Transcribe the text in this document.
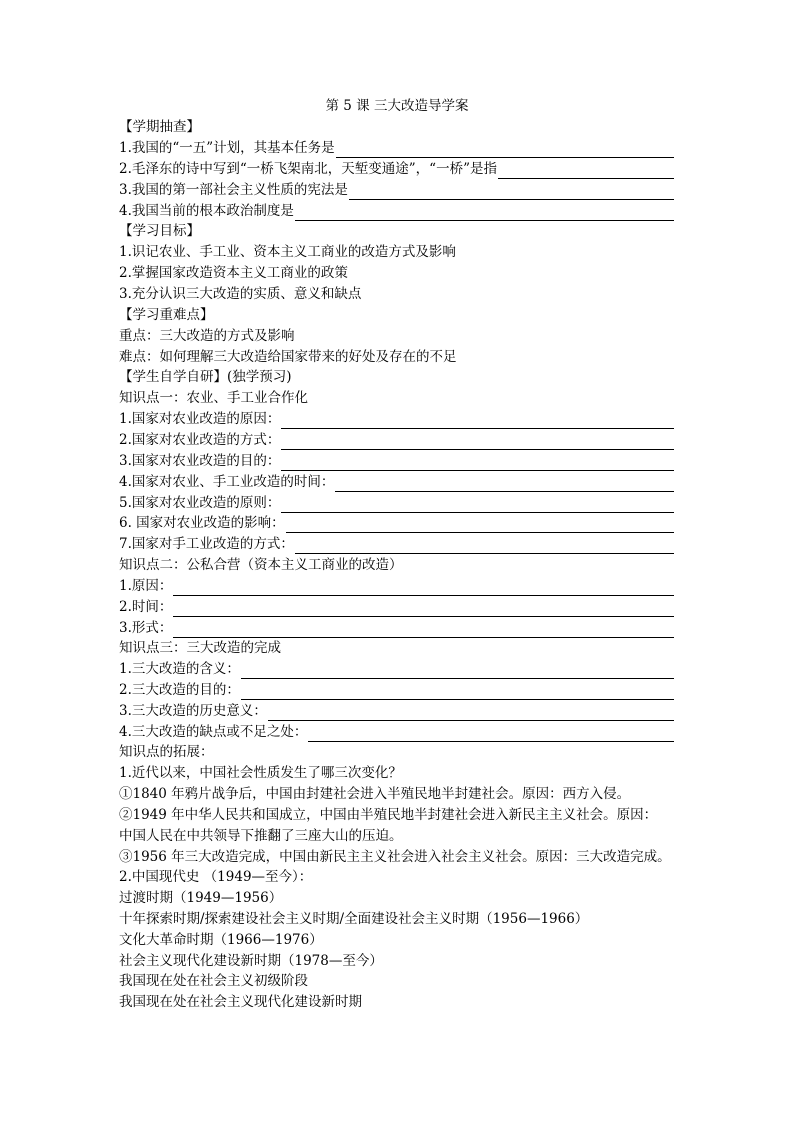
第 5 课 三大改造导学案
【学期抽查】
1.我国的“一五”计划，其基本任务是
2.毛泽东的诗中写到“一桥飞架南北，天堑变通途”，“一桥”是指
3.我国的第一部社会主义性质的宪法是
4.我国当前的根本政治制度是
【学习目标】
1.识记农业、手工业、资本主义工商业的改造方式及影响
2.掌握国家改造资本主义工商业的政策
3.充分认识三大改造的实质、意义和缺点
【学习重难点】
重点：三大改造的方式及影响
难点：如何理解三大改造给国家带来的好处及存在的不足
【学生自学自研】(独学预习)
知识点一：农业、手工业合作化
1.国家对农业改造的原因：
2.国家对农业改造的方式：
3.国家对农业改造的目的：
4.国家对农业、手工业改造的时间：
5.国家对农业改造的原则：
6. 国家对农业改造的影响：
7.国家对手工业改造的方式：
知识点二：公私合营（资本主义工商业的改造）
1.原因：
2.时间：
3.形式：
知识点三：三大改造的完成
1.三大改造的含义：
2.三大改造的目的：
3.三大改造的历史意义：
4.三大改造的缺点或不足之处：
知识点的拓展：
1.近代以来，中国社会性质发生了哪三次变化？
①1840 年鸦片战争后，中国由封建社会进入半殖民地半封建社会。原因：西方入侵。
②1949 年中华人民共和国成立，中国由半殖民地半封建社会进入新民主主义社会。原因：
中国人民在中共领导下推翻了三座大山的压迫。
③1956 年三大改造完成，中国由新民主主义社会进入社会主义社会。原因：三大改造完成。
2.中国现代史 （1949—至今）：
过渡时期（1949—1956）
十年探索时期/探索建设社会主义时期/全面建设社会主义时期（1956—1966）
文化大革命时期（1966—1976）
社会主义现代化建设新时期（1978—至今）
我国现在处在社会主义初级阶段
我国现在处在社会主义现代化建设新时期
